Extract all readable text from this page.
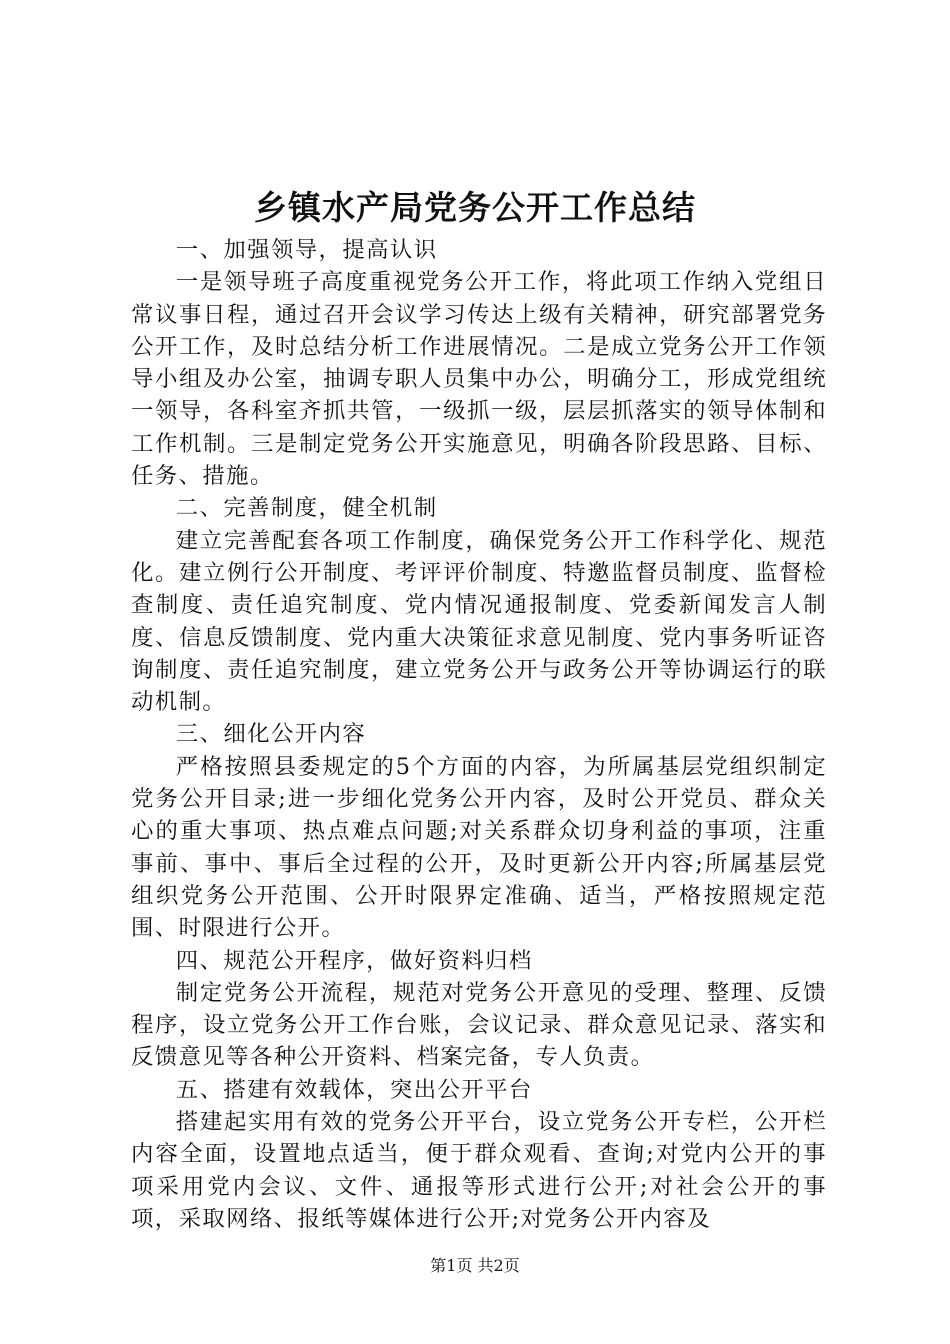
乡镇水产局党务公开工作总结

一、加强领导，提高认识

一是领导班子高度重视党务公开工作，将此项工作纳入党组日常议事日程，通过召开会议学习传达上级有关精神，研究部署党务公开工作，及时总结分析工作进展情况。二是成立党务公开工作领导小组及办公室，抽调专职人员集中办公，明确分工，形成党组统一领导，各科室齐抓共管，一级抓一级，层层抓落实的领导体制和工作机制。三是制定党务公开实施意见，明确各阶段思路、目标、任务、措施。

二、完善制度，健全机制

建立完善配套各项工作制度，确保党务公开工作科学化、规范化。建立例行公开制度、考评评价制度、特邀监督员制度、监督检查制度、责任追究制度、党内情况通报制度、党委新闻发言人制度、信息反馈制度、党内重大决策征求意见制度、党内事务听证咨询制度、责任追究制度，建立党务公开与政务公开等协调运行的联动机制。

三、细化公开内容

严格按照县委规定的5个方面的内容，为所属基层党组织制定党务公开目录;进一步细化党务公开内容，及时公开党员、群众关心的重大事项、热点难点问题;对关系群众切身利益的事项，注重事前、事中、事后全过程的公开，及时更新公开内容;所属基层党组织党务公开范围、公开时限界定准确、适当，严格按照规定范围、时限进行公开。

四、规范公开程序，做好资料归档

制定党务公开流程，规范对党务公开意见的受理、整理、反馈程序，设立党务公开工作台账，会议记录、群众意见记录、落实和反馈意见等各种公开资料、档案完备，专人负责。

五、搭建有效载体，突出公开平台

搭建起实用有效的党务公开平台，设立党务公开专栏，公开栏内容全面，设置地点适当，便于群众观看、查询;对党内公开的事项采用党内会议、文件、通报等形式进行公开;对社会公开的事项，采取网络、报纸等媒体进行公开;对党务公开内容及

第1页 共2页
